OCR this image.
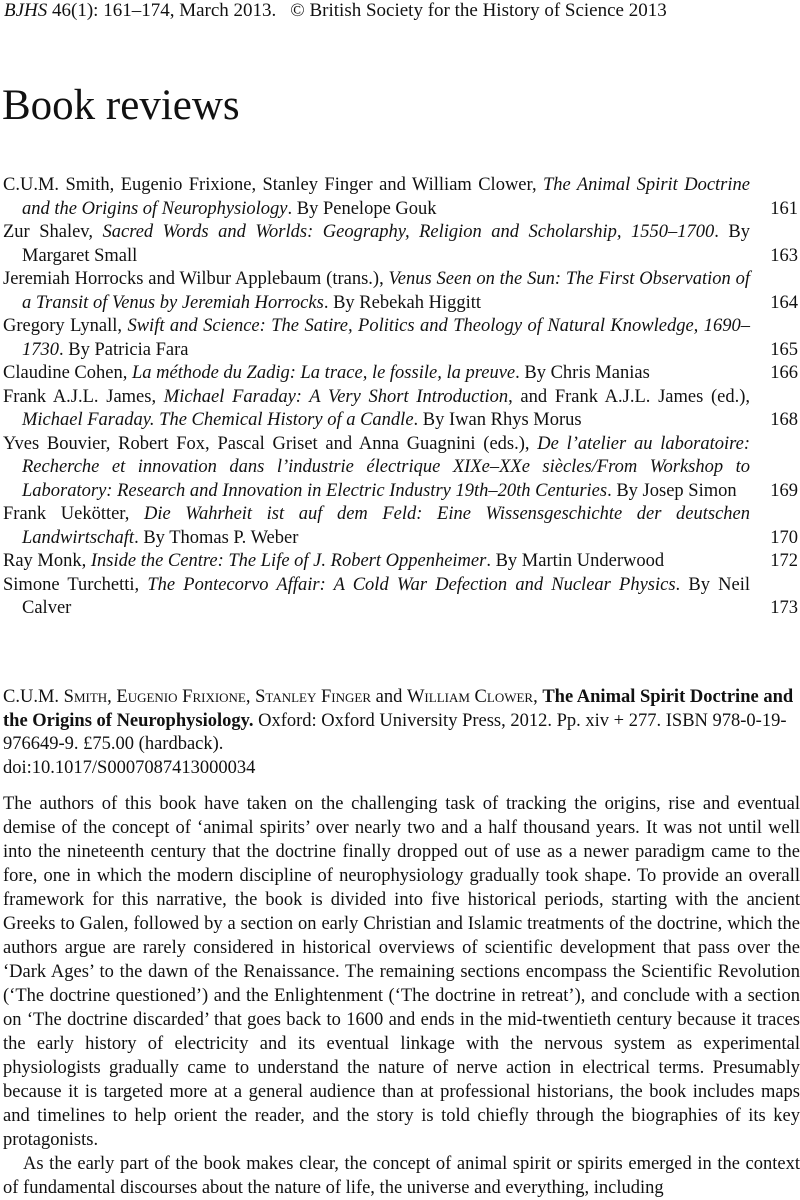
BJHS 46(1): 161–174, March 2013. © British Society for the History of Science 2013
Book reviews
C.U.M. Smith, Eugenio Frixione, Stanley Finger and William Clower, The Animal Spirit Doctrine and the Origins of Neurophysiology. By Penelope Gouk	161
Zur Shalev, Sacred Words and Worlds: Geography, Religion and Scholarship, 1550–1700. By Margaret Small	163
Jeremiah Horrocks and Wilbur Applebaum (trans.), Venus Seen on the Sun: The First Observation of a Transit of Venus by Jeremiah Horrocks. By Rebekah Higgitt	164
Gregory Lynall, Swift and Science: The Satire, Politics and Theology of Natural Knowledge, 1690–1730. By Patricia Fara	165
Claudine Cohen, La méthode du Zadig: La trace, le fossile, la preuve. By Chris Manias	166
Frank A.J.L. James, Michael Faraday: A Very Short Introduction, and Frank A.J.L. James (ed.), Michael Faraday. The Chemical History of a Candle. By Iwan Rhys Morus	168
Yves Bouvier, Robert Fox, Pascal Griset and Anna Guagnini (eds.), De l’atelier au laboratoire: Recherche et innovation dans l’industrie électrique XIXe–XXe siècles/From Workshop to Laboratory: Research and Innovation in Electric Industry 19th–20th Centuries. By Josep Simon 169
Frank Uekötter, Die Wahrheit ist auf dem Feld: Eine Wissensgeschichte der deutschen Landwirtschaft. By Thomas P. Weber	170
Ray Monk, Inside the Centre: The Life of J. Robert Oppenheimer. By Martin Underwood	172
Simone Turchetti, The Pontecorvo Affair: A Cold War Defection and Nuclear Physics. By Neil Calver	173
C.U.M. Smith, Eugenio Frixione, Stanley Finger and William Clower, The Animal Spirit Doctrine and the Origins of Neurophysiology. Oxford: Oxford University Press, 2012. Pp. xiv + 277. ISBN 978-0-19-976649-9. £75.00 (hardback).
doi:10.1017/S0007087413000034

The authors of this book have taken on the challenging task of tracking the origins, rise and eventual demise of the concept of ‘animal spirits’ over nearly two and a half thousand years. It was not until well into the nineteenth century that the doctrine finally dropped out of use as a newer paradigm came to the fore, one in which the modern discipline of neurophysiology gradually took shape. To provide an overall framework for this narrative, the book is divided into five historical periods, starting with the ancient Greeks to Galen, followed by a section on early Christian and Islamic treatments of the doctrine, which the authors argue are rarely considered in historical overviews of scientific development that pass over the ‘Dark Ages’ to the dawn of the Renaissance. The remaining sections encompass the Scientific Revolution (‘The doctrine questioned’) and the Enlightenment (‘The doctrine in retreat’), and conclude with a section on ‘The doctrine discarded’ that goes back to 1600 and ends in the mid-twentieth century because it traces the early history of electricity and its eventual linkage with the nervous system as experimental physiologists gradually came to understand the nature of nerve action in electrical terms. Presumably because it is targeted more at a general audience than at professional historians, the book includes maps and timelines to help orient the reader, and the story is told chiefly through the biographies of its key protagonists.

As the early part of the book makes clear, the concept of animal spirit or spirits emerged in the context of fundamental discourses about the nature of life, the universe and everything, including
